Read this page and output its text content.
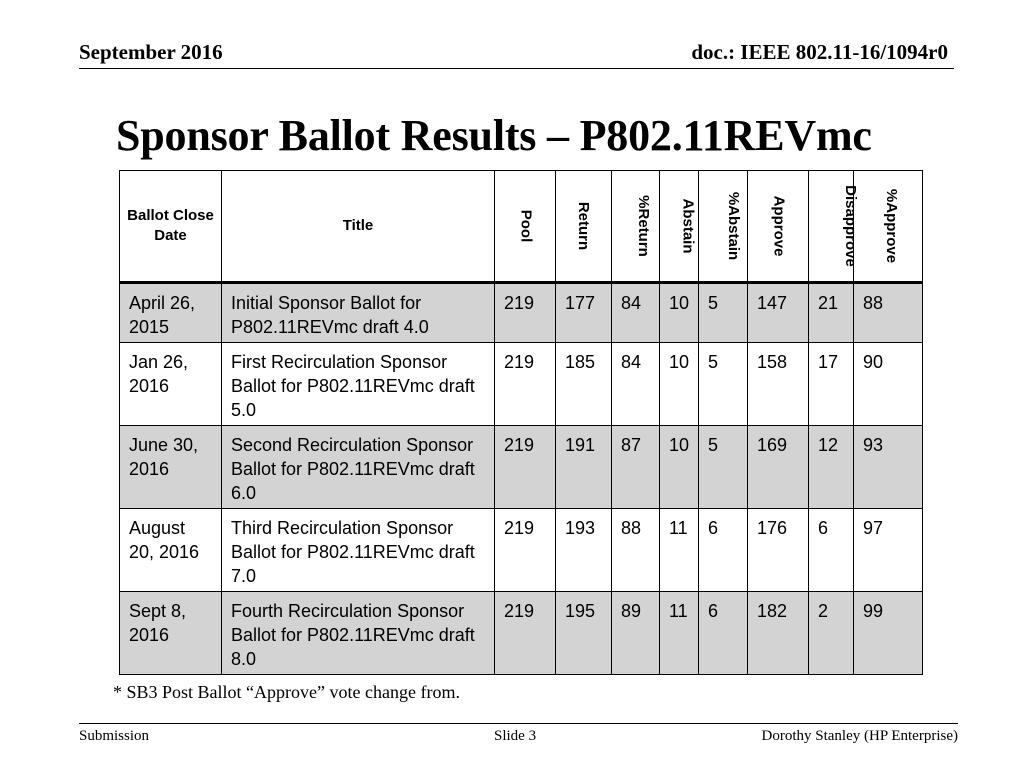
September 2016	doc.: IEEE 802.11-16/1094r0
Sponsor Ballot Results – P802.11REVmc
Ballot Close Date	Title	Pool	Return	%Return	Abstain	%Abstain	Approve	Disapprove	%Approve
April 26, 2015	Initial Sponsor Ballot for P802.11REVmc draft 4.0	219	177	84	10	5	147	21	88
Jan 26, 2016	First Recirculation Sponsor Ballot for P802.11REVmc draft 5.0	219	185	84	10	5	158	17	90
June 30, 2016	Second Recirculation Sponsor Ballot for P802.11REVmc draft 6.0	219	191	87	10	5	169	12	93
August 20, 2016	Third Recirculation Sponsor Ballot for P802.11REVmc draft 7.0	219	193	88	11	6	176	6	97
Sept 8, 2016	Fourth Recirculation Sponsor Ballot for P802.11REVmc draft 8.0	219	195	89	11	6	182	2	99
* SB3 Post Ballot “Approve” vote change from.
Submission	Slide 3	Dorothy Stanley (HP Enterprise)
